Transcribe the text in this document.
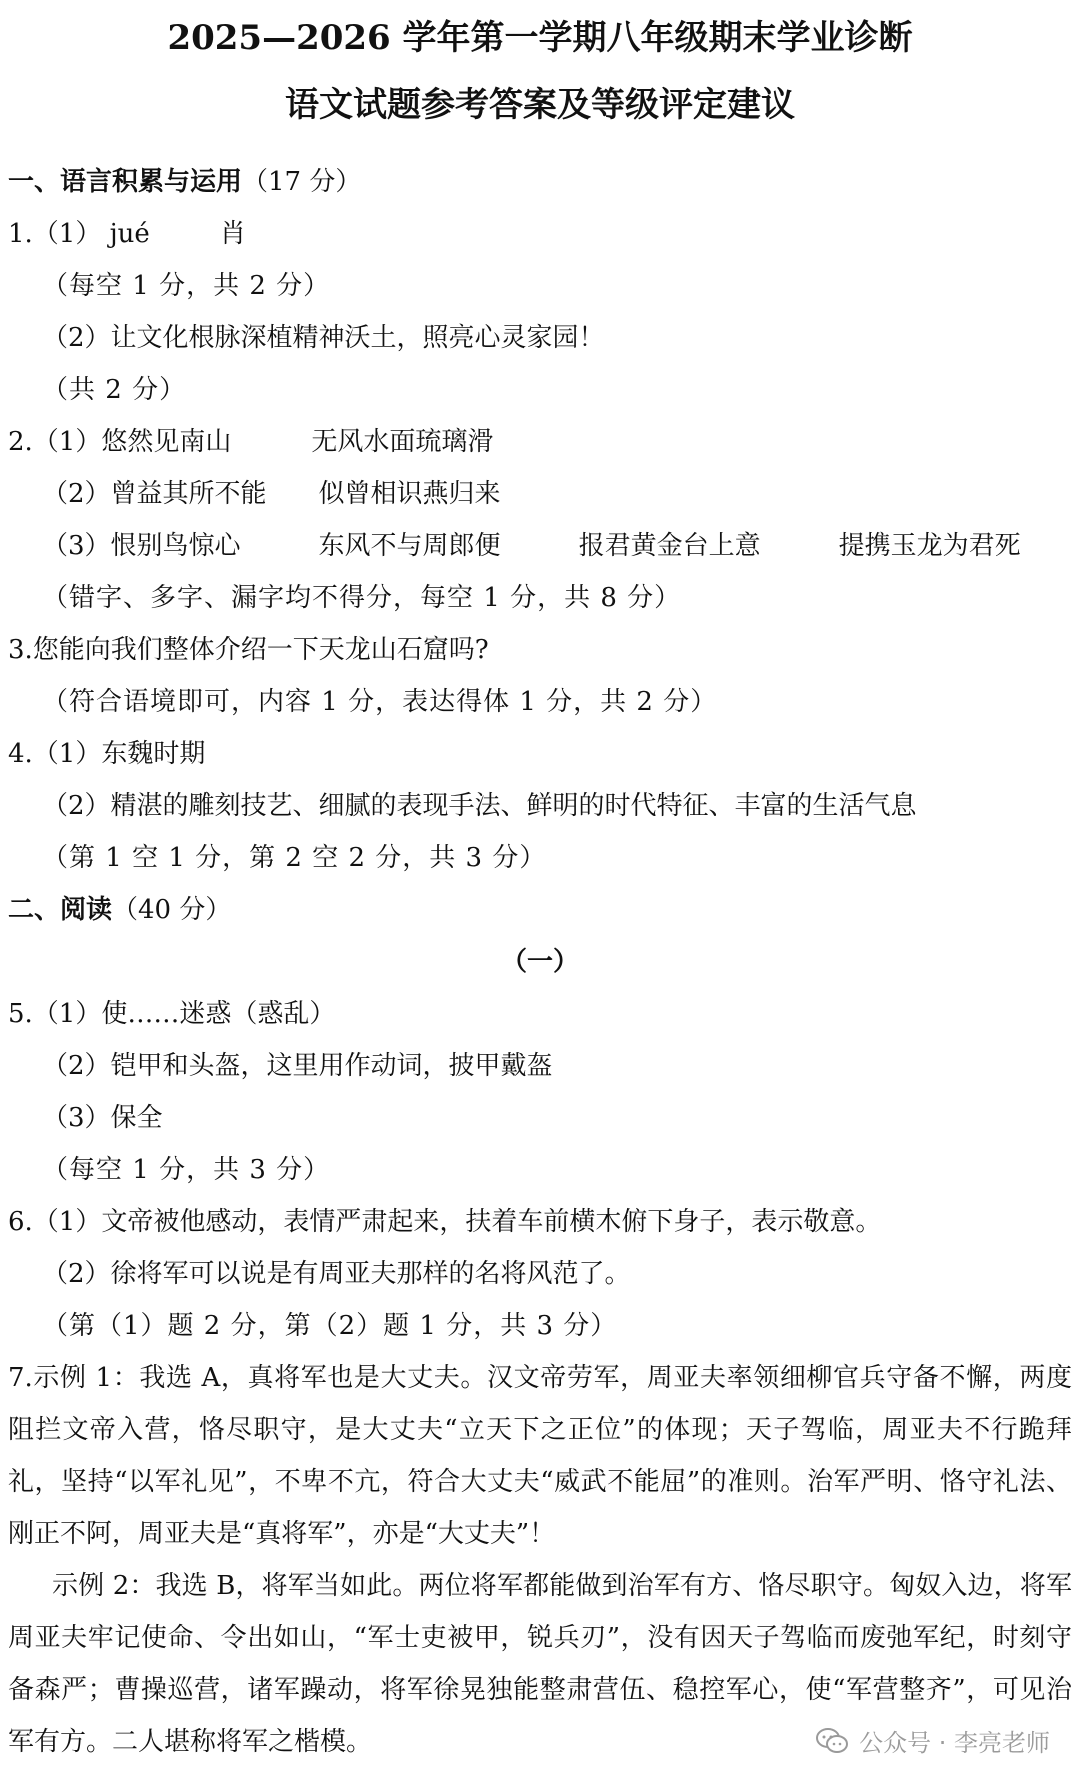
2025—2026 学年第一学期八年级期末学业诊断
语文试题参考答案及等级评定建议
一、语言积累与运用（17 分）
1.（1） jué	肖
（每空 1 分，共 2 分）
（2）让文化根脉深植精神沃土，照亮心灵家园！
（共 2 分）
2.（1）悠然见南山	无风水面琉璃滑
（2）曾益其所不能 似曾相识燕归来
（3）恨别鸟惊心	东风不与周郎便	报君黄金台上意	提携玉龙为君死
（错字、多字、漏字均不得分，每空 1 分，共 8 分）
3.您能向我们整体介绍一下天龙山石窟吗?
（符合语境即可，内容 1 分，表达得体 1 分，共 2 分）
4.（1）东魏时期
（2）精湛的雕刻技艺、细腻的表现手法、鲜明的时代特征、丰富的生活气息
（第 1 空 1 分，第 2 空 2 分，共 3 分）
二、阅读（40 分）
（一）
5.（1）使……迷惑（惑乱）
（2）铠甲和头盔，这里用作动词，披甲戴盔
（3）保全
（每空 1 分，共 3 分）
6.（1）文帝被他感动，表情严肃起来，扶着车前横木俯下身子，表示敬意。
（2）徐将军可以说是有周亚夫那样的名将风范了。
（第（1）题 2 分，第（2）题 1 分，共 3 分）
7.示例 1：我选 A，真将军也是大丈夫。汉文帝劳军，周亚夫率领细柳官兵守备不懈，两度阻拦文帝入营，恪尽职守，是大丈夫“立天下之正位”的体现；天子驾临，周亚夫不行跪拜礼，坚持“以军礼见”，不卑不亢，符合大丈夫“威武不能屈”的准则。治军严明、恪守礼法、刚正不阿，周亚夫是“真将军”，亦是“大丈夫”！
示例 2：我选 B，将军当如此。两位将军都能做到治军有方、恪尽职守。匈奴入边，将军周亚夫牢记使命、令出如山，“军士吏被甲，锐兵刃”，没有因天子驾临而废弛军纪，时刻守备森严；曹操巡营，诸军躁动，将军徐晃独能整肃营伍、稳控军心，使“军营整齐”，可见治军有方。二人堪称将军之楷模。	公众号 · 李亮老师
